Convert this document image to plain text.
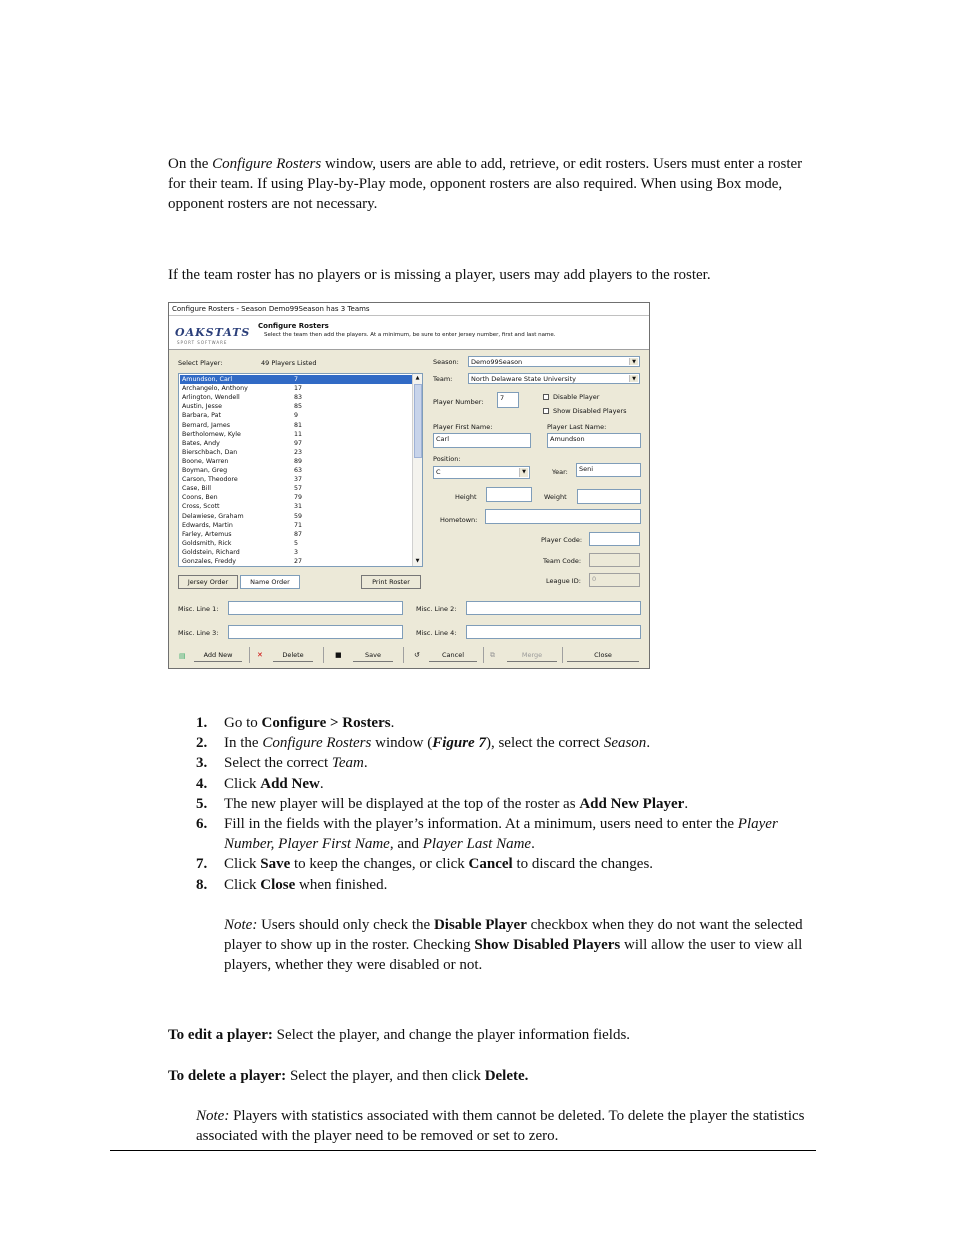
On the Configure Rosters window, users are able to add, retrieve, or edit rosters. Users must enter a roster for their team. If using Play-by-Play mode, opponent rosters are also required. When using Box mode, opponent rosters are not necessary.
If the team roster has no players or is missing a player, users may add players to the roster.
Configure Rosters - Season Demo99Season has 3 Teams
OAKSTATS
SPORT SOFTWARE
Configure Rosters
Select the team then add the players. At a minimum, be sure to enter jersey number, first and last name.
Select Player:	49 Players Listed
Amundson, Carl	7
Archangelo, Anthony	17
Arlington, Wendell	83
Austin, Jesse	85
Barbara, Pat	9
Bernard, James	81
Bertholomew, Kyle	11
Bates, Andy	97
Bierschbach, Dan	23
Boone, Warren	89
Boyman, Greg	63
Carson, Theodore	37
Case, Bill	57
Coons, Ben	79
Cross, Scott	31
Delawiese, Graham	59
Edwards, Martin	71
Farley, Artemus	87
Goldsmith, Rick	5
Goldstein, Richard	3
Gonzales, Freddy	27
▲
▼
Jersey Order	Name Order	Print Roster
Season:	Demo99Season	▼
Team:	North Delaware State University	▼
Player Number:	7	Disable Player
Show Disabled Players
Player First Name:
Carl
Player Last Name:
Amundson
Position:
C	▼	Year:	Seni
Height	Weight
Hometown:
Player Code:
Team Code:
League ID:	0
Misc. Line 1:	Misc. Line 2:
Misc. Line 3:	Misc. Line 4:
▤	Add New	✕	Delete	■	Save	↺	Cancel	⧉	Merge	Close
1. Go to Configure > Rosters.
2. In the Configure Rosters window (Figure 7), select the correct Season.
3. Select the correct Team.
4. Click Add New.
5. The new player will be displayed at the top of the roster as Add New Player.
6. Fill in the fields with the player’s information. At a minimum, users need to enter the Player Number, Player First Name, and Player Last Name.
7. Click Save to keep the changes, or click Cancel to discard the changes.
8. Click Close when finished.
Note: Users should only check the Disable Player checkbox when they do not want the selected player to show up in the roster. Checking Show Disabled Players will allow the user to view all players, whether they were disabled or not.
To edit a player: Select the player, and change the player information fields.
To delete a player: Select the player, and then click Delete.
Note: Players with statistics associated with them cannot be deleted. To delete the player the statistics associated with the player need to be removed or set to zero.
